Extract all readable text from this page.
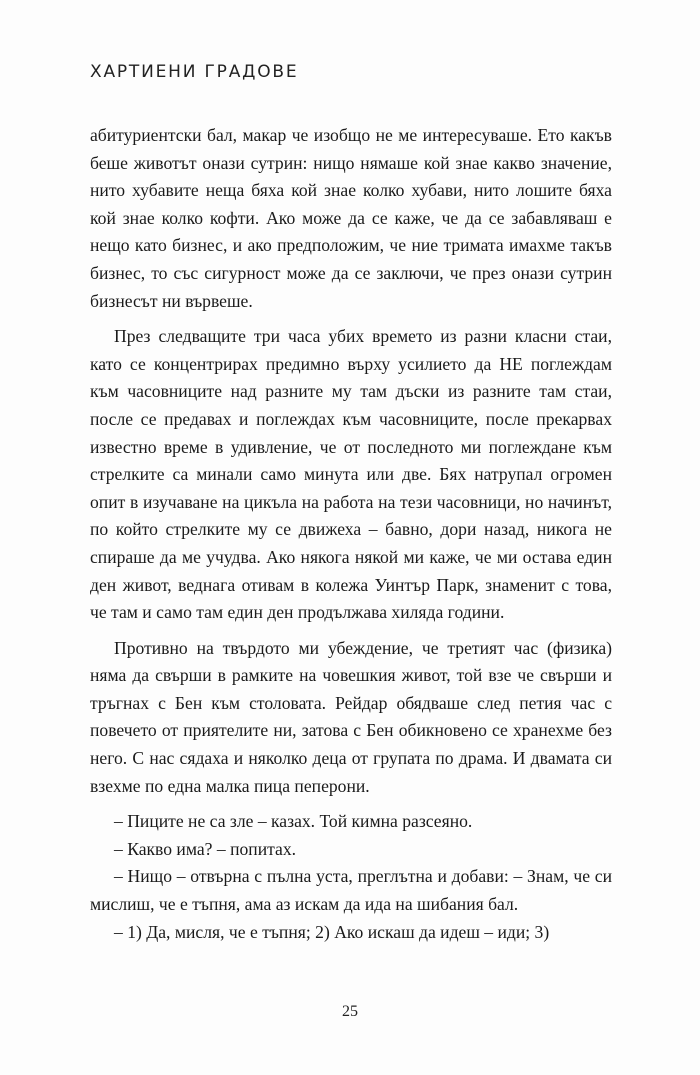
ХАРТИЕНИ ГРАДОВЕ

абитуриентски бал, макар че изобщо не ме интересуваше. Ето какъв беше животът онази сутрин: нищо нямаше кой знае какво значение, нито хубавите неща бяха кой знае колко хубави, нито лошите бяха кой знае колко кофти. Ако може да се каже, че да се забавляваш е нещо като бизнес, и ако предположим, че ние тримата имахме такъв бизнес, то със сигурност може да се заключи, че през онази сутрин бизнесът ни вървеше.

През следващите три часа убих времето из разни класни стаи, като се концентрирах предимно върху усилието да НЕ поглеждам към часовниците над разните му там дъски из разните там стаи, после се предавах и поглеждах към часовниците, после прекарвах известно време в удивление, че от последното ми поглеждане към стрелките са минали само минута или две. Бях натрупал огромен опит в изучаване на цикъла на работа на тези часовници, но начинът, по който стрелките му се движеха – бавно, дори назад, никога не спираше да ме учудва. Ако някога някой ми каже, че ми остава един ден живот, веднага отивам в колежа Уинтър Парк, знаменит с това, че там и само там един ден продължава хиляда години.

Противно на твърдото ми убеждение, че третият час (физика) няма да свърши в рамките на човешкия живот, той взе че свърши и тръгнах с Бен към столовата. Рейдар обядваше след петия час с повечето от приятелите ни, затова с Бен обикновено се хранехме без него. С нас сядаха и няколко деца от групата по драма. И двамата си взехме по една малка пица пеперони.

– Пиците не са зле – казах. Той кимна разсеяно.

– Какво има? – попитах.

– Нищо – отвърна с пълна уста, преглътна и добави: – Знам, че си мислиш, че е тъпня, ама аз искам да ида на шибания бал.

– 1) Да, мисля, че е тъпня; 2) Ако искаш да идеш – иди; 3)

25
